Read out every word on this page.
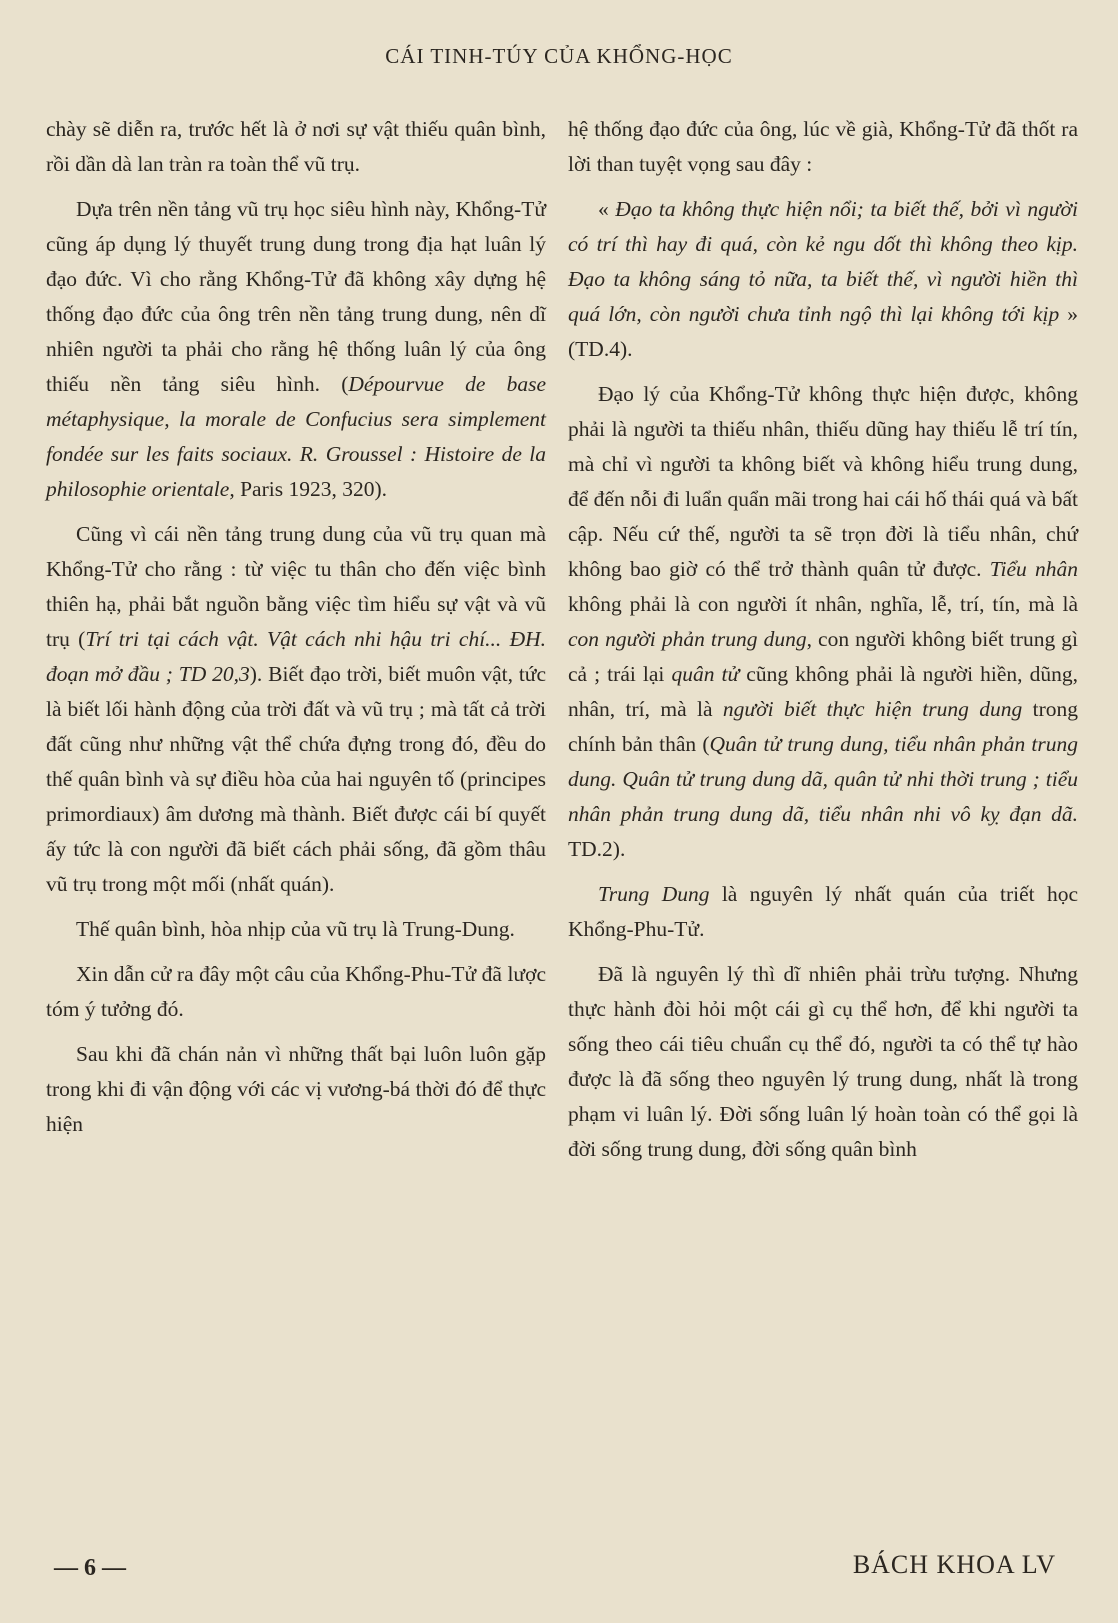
CÁI TINH-TÚY CỦA KHỔNG-HỌC

chày sẽ diễn ra, trước hết là ở nơi sự vật thiếu quân bình, rồi dần dà lan tràn ra toàn thể vũ trụ.

Dựa trên nền tảng vũ trụ học siêu hình này, Khổng-Tử cũng áp dụng lý thuyết trung dung trong địa hạt luân lý đạo đức. Vì cho rằng Khổng-Tử đã không xây dựng hệ thống đạo đức của ông trên nền tảng trung dung, nên dĩ nhiên người ta phải cho rằng hệ thống luân lý của ông thiếu nền tảng siêu hình. (Dépourvue de base métaphysique, la morale de Confucius sera simplement fondée sur les faits sociaux. R. Groussel : Histoire de la philosophie orientale, Paris 1923, 320).

Cũng vì cái nền tảng trung dung của vũ trụ quan mà Khổng-Tử cho rằng : từ việc tu thân cho đến việc bình thiên hạ, phải bắt nguồn bằng việc tìm hiểu sự vật và vũ trụ (Trí tri tại cách vật. Vật cách nhi hậu tri chí... ĐH. đoạn mở đầu ; TD 20,3). Biết đạo trời, biết muôn vật, tức là biết lối hành động của trời đất và vũ trụ ; mà tất cả trời đất cũng như những vật thể chứa đựng trong đó, đều do thế quân bình và sự điều hòa của hai nguyên tố (principes primordiaux) âm dương mà thành. Biết được cái bí quyết ấy tức là con người đã biết cách phải sống, đã gồm thâu vũ trụ trong một mối (nhất quán).

Thế quân bình, hòa nhịp của vũ trụ là Trung-Dung.

Xin dẫn cử ra đây một câu của Khổng-Phu-Tử đã lược tóm ý tưởng đó.

Sau khi đã chán nản vì những thất bại luôn luôn gặp trong khi đi vận động với các vị vương-bá thời đó để thực hiện

hệ thống đạo đức của ông, lúc về già, Khổng-Tử đã thốt ra lời than tuyệt vọng sau đây :

« Đạo ta không thực hiện nổi; ta biết thế, bởi vì người có trí thì hay đi quá, còn kẻ ngu dốt thì không theo kịp. Đạo ta không sáng tỏ nữa, ta biết thế, vì người hiền thì quá lớn, còn người chưa tỉnh ngộ thì lại không tới kịp » (TD.4).

Đạo lý của Khổng-Tử không thực hiện được, không phải là người ta thiếu nhân, thiếu dũng hay thiếu lễ trí tín, mà chỉ vì người ta không biết và không hiểu trung dung, để đến nỗi đi luẩn quẩn mãi trong hai cái hố thái quá và bất cập. Nếu cứ thế, người ta sẽ trọn đời là tiểu nhân, chứ không bao giờ có thể trở thành quân tử được. Tiểu nhân không phải là con người ít nhân, nghĩa, lễ, trí, tín, mà là con người phản trung dung, con người không biết trung gì cả ; trái lại quân tử cũng không phải là người hiền, dũng, nhân, trí, mà là người biết thực hiện trung dung trong chính bản thân (Quân tử trung dung, tiểu nhân phản trung dung. Quân tử trung dung dã, quân tử nhi thời trung ; tiểu nhân phản trung dung dã, tiểu nhân nhi vô kỵ đạn dã. TD.2).

Trung Dung là nguyên lý nhất quán của triết học Khổng-Phu-Tử.

Đã là nguyên lý thì dĩ nhiên phải trừu tượng. Nhưng thực hành đòi hỏi một cái gì cụ thể hơn, để khi người ta sống theo cái tiêu chuẩn cụ thể đó, người ta có thể tự hào được là đã sống theo nguyên lý trung dung, nhất là trong phạm vi luân lý. Đời sống luân lý hoàn toàn có thể gọi là đời sống trung dung, đời sống quân bình

— 6 —	BÁCH KHOA LV
